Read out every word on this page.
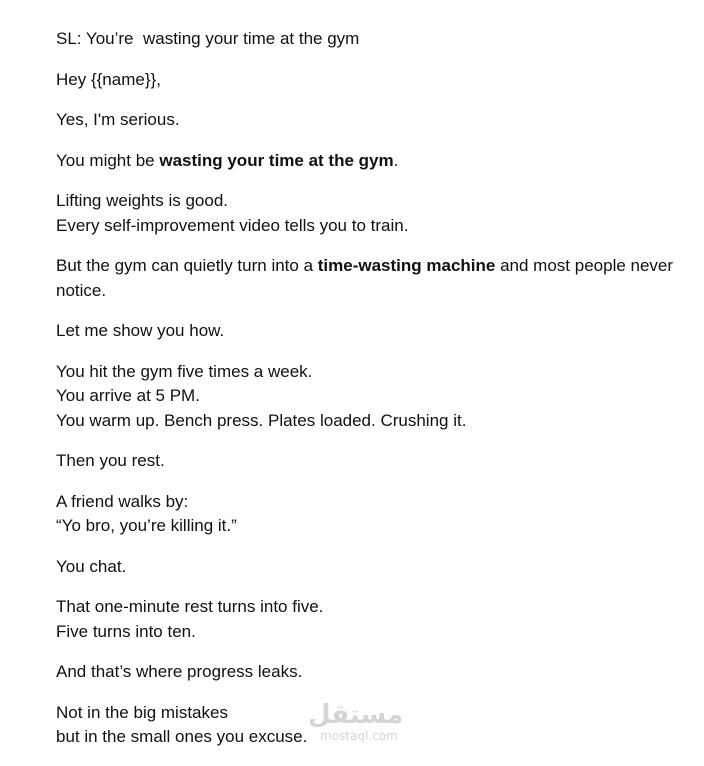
SL: You’re  wasting your time at the gym

Hey {{name}},

Yes, I'm serious.

You might be wasting your time at the gym.

Lifting weights is good.
Every self-improvement video tells you to train.

But the gym can quietly turn into a time-wasting machine and most people never notice.

Let me show you how.

You hit the gym five times a week.
You arrive at 5 PM.
You warm up. Bench press. Plates loaded. Crushing it.

Then you rest.

A friend walks by:
“Yo bro, you’re killing it.”

You chat.

That one-minute rest turns into five.
Five turns into ten.

And that’s where progress leaks.

Not in the big mistakes
but in the small ones you excuse.

مستقل
mostaql.com
